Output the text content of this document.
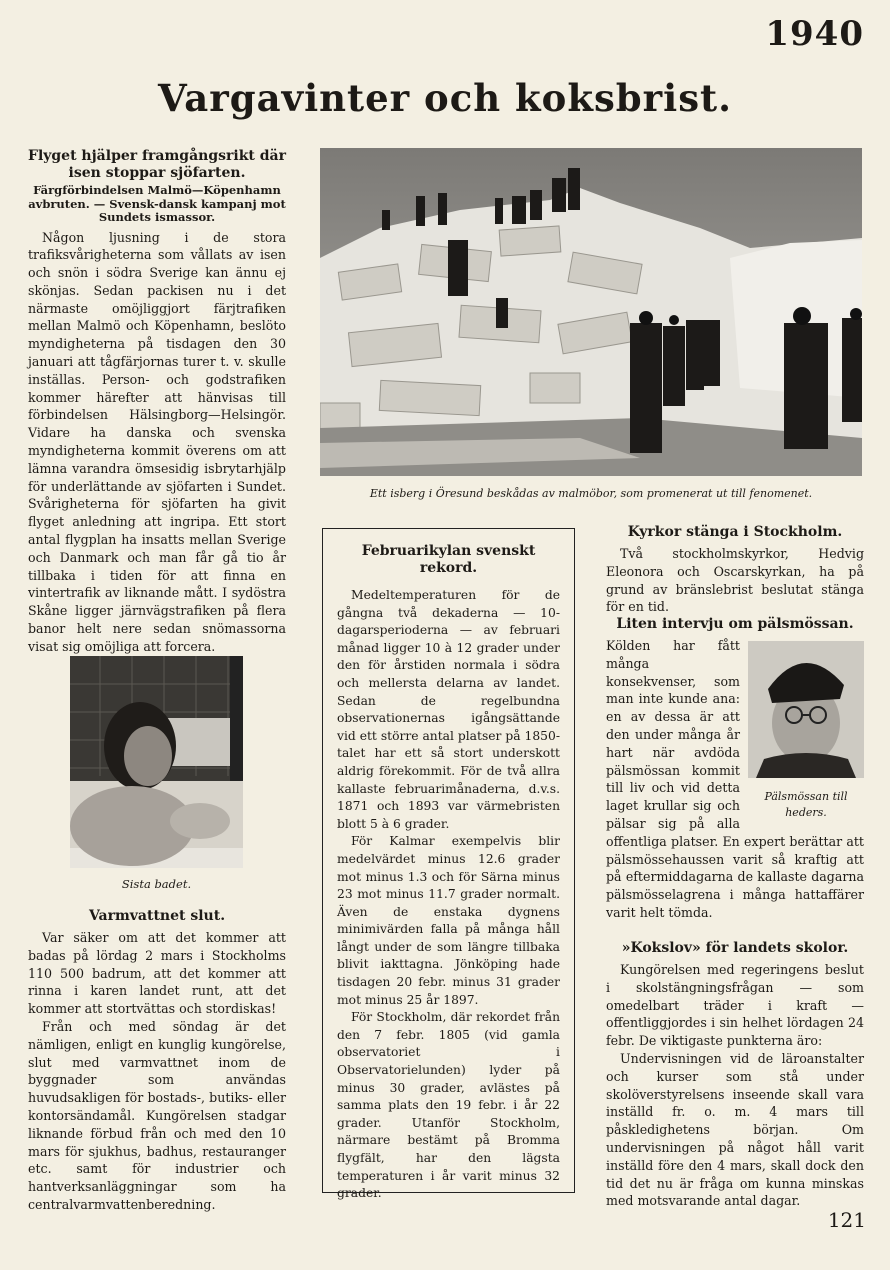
1940
Vargavinter och koksbrist.
Flyget hjälper framgångsrikt där isen stoppar sjöfarten.
Färgförbindelsen Malmö—Köpenhamn avbruten. — Svensk-dansk kampanj mot Sundets ismassor.

Någon ljusning i de stora trafiksvårigheterna som vållats av isen och snön i södra Sverige kan ännu ej skönjas. Sedan packisen nu i det närmaste omöjliggjort färjtrafiken mellan Malmö och Köpenhamn, beslöto myndigheterna på tisdagen den 30 januari att tågfärjornas turer t. v. skulle inställas. Person- och godstrafiken kommer härefter att hänvisas till förbindelsen Hälsingborg—Helsingör. Vidare ha danska och svenska myndigheterna kommit överens om att lämna varandra ömsesidig isbrytarhjälp för underlättande av sjöfarten i Sundet. Svårigheterna för sjöfarten ha givit flyget anledning att ingripa. Ett stort antal flygplan ha insatts mellan Sverige och Danmark och man får gå tio år tillbaka i tiden för att finna en vintertrafik av liknande mått. I sydöstra Skåne ligger järnvägstrafiken på flera banor helt nere sedan snömassorna visat sig omöjliga att forcera.

Sista badet.
Varmvattnet slut.

Var säker om att det kommer att badas på lördag 2 mars i Stockholms 110 500 badrum, att det kommer att rinna i karen landet runt, att det kommer att stortvättas och stordiskas!

Från och med söndag är det nämligen, enligt en kunglig kungörelse, slut med varmvattnet inom de byggnader som användas huvudsakligen för bostads-, butiks- eller kontorsändamål. Kungörelsen stadgar liknande förbud från och med den 10 mars för sjukhus, badhus, restauranger etc. samt för industrier och hantverksanläggningar som ha centralvarmvattenberedning.

Ett isberg i Öresund beskådas av malmöbor, som promenerat ut till fenomenet.
Februarikylan svenskt rekord.

Medeltemperaturen för de gångna två dekaderna — 10-dagarsperioderna — av februari månad ligger 10 à 12 grader under den för årstiden normala i södra och mellersta delarna av landet. Sedan de regelbundna observationernas igångsättande vid ett större antal platser på 1850-talet har ett så stort underskott aldrig förekommit. För de två allra kallaste februarimånaderna, d.v.s. 1871 och 1893 var värmebristen blott 5 à 6 grader.

För Kalmar exempelvis blir medelvärdet minus 12.6 grader mot minus 1.3 och för Särna minus 23 mot minus 11.7 grader normalt. Även de enstaka dygnens minimivärden falla på många håll långt under de som längre tillbaka blivit iakttagna. Jönköping hade tisdagen 20 febr. minus 31 grader mot minus 25 år 1897.

För Stockholm, där rekordet från den 7 febr. 1805 (vid gamla observatoriet i Observatorielunden) lyder på minus 30 grader, avlästes på samma plats den 19 febr. i år 22 grader. Utanför Stockholm, närmare bestämt på Bromma flygfält, har den lägsta temperaturen i år varit minus 32 grader.

Kyrkor stänga i Stockholm.

Två stockholmskyrkor, Hedvig Eleonora och Oscarskyrkan, ha på grund av bränslebrist beslutat stänga för en tid.

Liten intervju om pälsmössan.
Pälsmössan till heders.

Kölden har fått många konsekvenser, som man inte kunde ana: en av dessa är att den under många år hart när avdöda pälsmössan kommit till liv och vid detta laget krullar sig och pälsar sig på alla offentliga platser. En expert berättar att pälsmössehaussen varit så kraftig att på eftermiddagarna de kallaste dagarna pälsmösselagrena i många hattaffärer varit helt tömda.
»Kokslov» för landets skolor.

Kungörelsen med regeringens beslut i skolstängningsfrågan — som omedelbart träder i kraft — offentliggjordes i sin helhet lördagen 24 febr. De viktigaste punkterna äro:

Undervisningen vid de läroanstalter och kurser som stå under skolöverstyrelsens inseende skall vara inställd fr. o. m. 4 mars till påskledighetens början. Om undervisningen på något håll varit inställd före den 4 mars, skall dock den tid det nu är fråga om kunna minskas med motsvarande antal dagar.

121
